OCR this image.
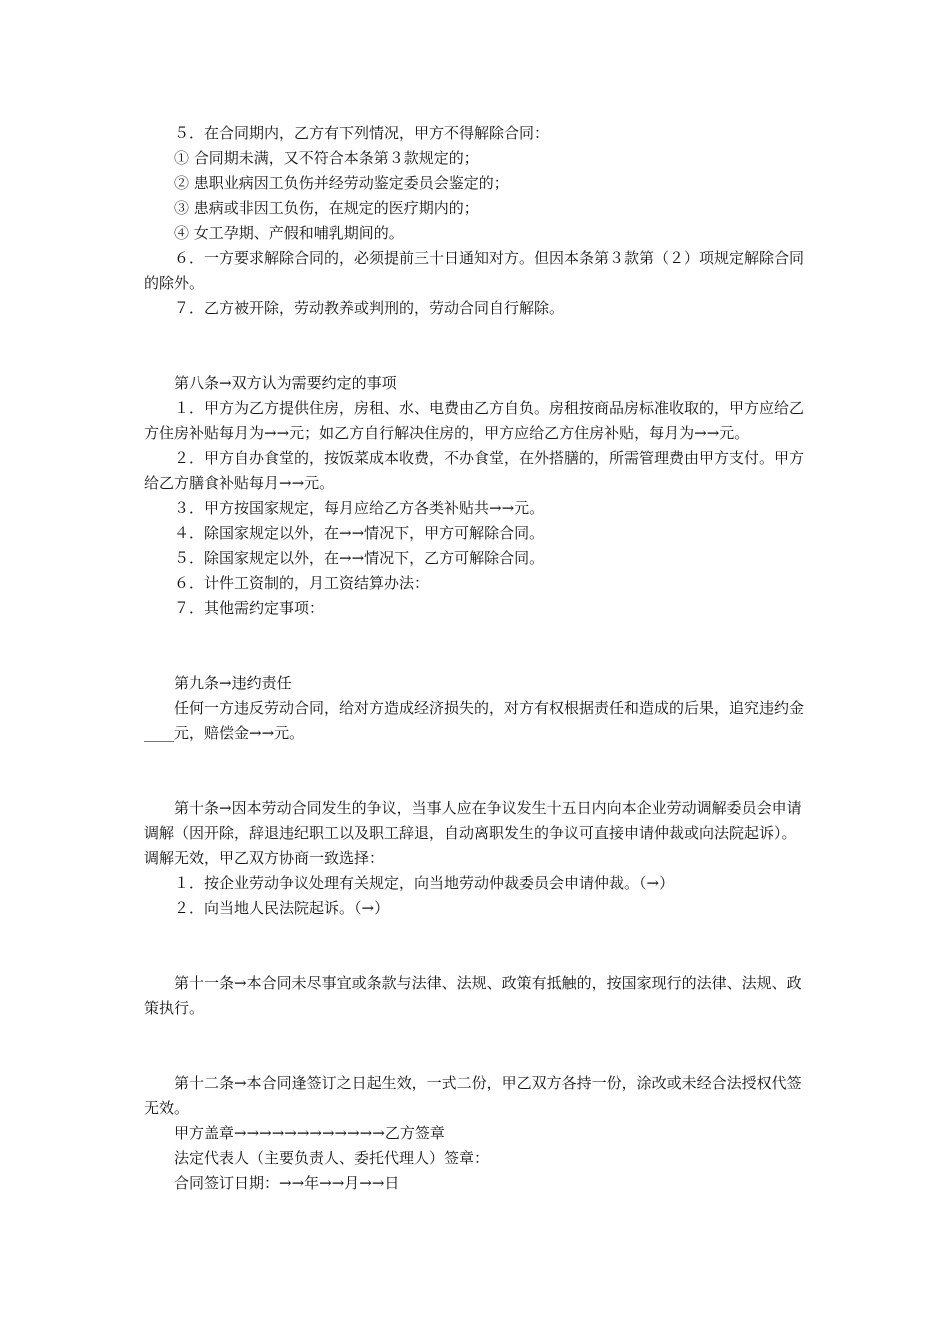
５．在合同期内，乙方有下列情况，甲方不得解除合同：

① 合同期未满，又不符合本条第３款规定的；

② 患职业病因工负伤并经劳动鉴定委员会鉴定的；

③ 患病或非因工负伤，在规定的医疗期内的；

④ 女工孕期、产假和哺乳期间的。

６．一方要求解除合同的，必须提前三十日通知对方。但因本条第３款第（２）项规定解除合同的除外。

７．乙方被开除，劳动教养或判刑的，劳动合同自行解除。

第八条→双方认为需要约定的事项

１．甲方为乙方提供住房，房租、水、电费由乙方自负。房租按商品房标准收取的，甲方应给乙方住房补贴每月为→→元；如乙方自行解决住房的，甲方应给乙方住房补贴，每月为→→元。

２．甲方自办食堂的，按饭菜成本收费，不办食堂，在外搭膳的，所需管理费由甲方支付。甲方给乙方膳食补贴每月→→元。

３．甲方按国家规定，每月应给乙方各类补贴共→→元。

４．除国家规定以外，在→→情况下，甲方可解除合同。

５．除国家规定以外，在→→情况下，乙方可解除合同。

６．计件工资制的，月工资结算办法：

７．其他需约定事项：

第九条→违约责任

任何一方违反劳动合同，给对方造成经济损失的，对方有权根据责任和造成的后果，追究违约金____元，赔偿金→→元。

第十条→因本劳动合同发生的争议，当事人应在争议发生十五日内向本企业劳动调解委员会申请调解（因开除，辞退违纪职工以及职工辞退，自动离职发生的争议可直接申请仲裁或向法院起诉）。调解无效，甲乙双方协商一致选择：

１．按企业劳动争议处理有关规定，向当地劳动仲裁委员会申请仲裁。（→）

２．向当地人民法院起诉。（→）

第十一条→本合同未尽事宜或条款与法律、法规、政策有抵触的，按国家现行的法律、法规、政策执行。

第十二条→本合同逢签订之日起生效，一式二份，甲乙双方各持一份，涂改或未经合法授权代签无效。

甲方盖章→→→→→→→→→→→→乙方签章

法定代表人（主要负责人、委托代理人）签章：

合同签订日期：→→年→→月→→日
